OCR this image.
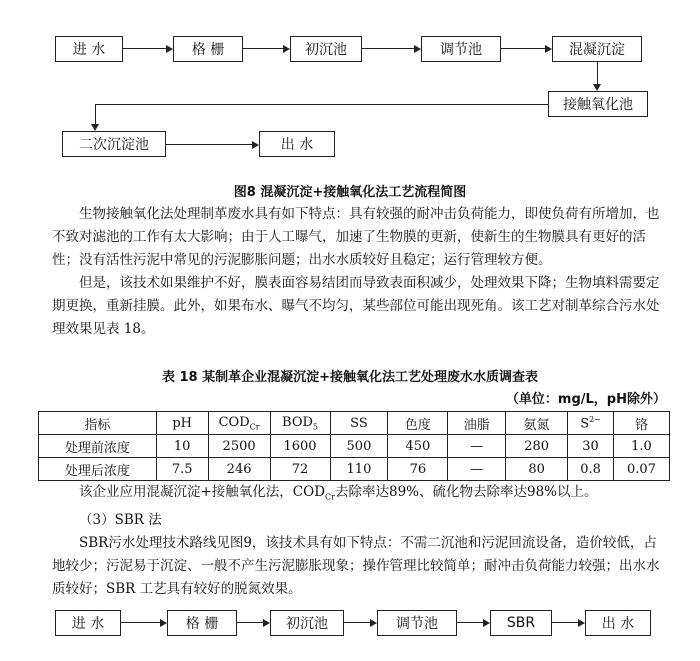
进 水	格 栅	初沉池	调节池	混凝沉淀
接触氧化池
二次沉淀池	出 水
图8 混凝沉淀+接触氧化法工艺流程简图

生物接触氧化法处理制革废水具有如下特点：具有较强的耐冲击负荷能力，即使负荷有所增加，也不致对滤池的工作有太大影响；由于人工曝气，加速了生物膜的更新，使新生的生物膜具有更好的活性；没有活性污泥中常见的污泥膨胀问题；出水水质较好且稳定；运行管理较方便。

但是，该技术如果维护不好，膜表面容易结团而导致表面积减少，处理效果下降；生物填料需要定期更换，重新挂膜。此外，如果布水、曝气不均匀，某些部位可能出现死角。该工艺对制革综合污水处理效果见表 18。

表 18 某制革企业混凝沉淀+接触氧化法工艺处理废水水质调查表
（单位：mg/L，pH除外）
指标	pH	$COD_{Cr}$	$BOD_5$	SS	色度	油脂	氨氮	$S^{2-}$	铬
处理前浓度	10	2500	1600	500	450	—	280	30	1.0
处理后浓度	7.5	246	72	110	76	—	80	0.8	0.07

该企业应用混凝沉淀+接触氧化法，$COD_{Cr}$去除率达89%、硫化物去除率达98%以上。

（3）SBR 法

SBR污水处理技术路线见图9，该技术具有如下特点：不需二沉池和污泥回流设备，造价较低，占地较少；污泥易于沉淀、一般不产生污泥膨胀现象；操作管理比较简单；耐冲击负荷能力较强；出水水质较好；SBR 工艺具有较好的脱氮效果。

进 水	格 栅	初沉池	调节池	SBR	出 水
